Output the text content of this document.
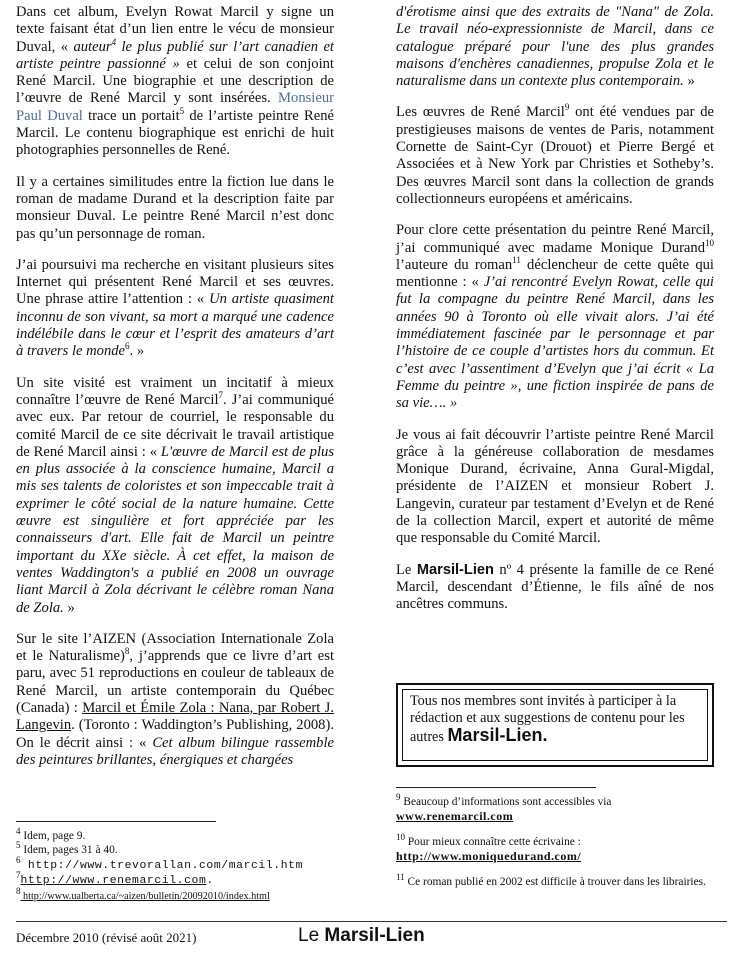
Dans cet album, Evelyn Rowat Marcil y signe un texte faisant état d’un lien entre le vécu de monsieur Duval, « auteur$^4$ le plus publié sur l’art canadien et artiste peintre passionné » et celui de son conjoint René Marcil. Une biographie et une description de l’œuvre de René Marcil y sont insérées. Monsieur Paul Duval trace un portait$^5$ de l’artiste peintre René Marcil. Le contenu biographique est enrichi de huit photographies personnelles de René.

Il y a certaines similitudes entre la fiction lue dans le roman de madame Durand et la description faite par monsieur Duval. Le peintre René Marcil n’est donc pas qu’un personnage de roman.

J’ai poursuivi ma recherche en visitant plusieurs sites Internet qui présentent René Marcil et ses œuvres. Une phrase attire l’attention : « Un artiste quasiment inconnu de son vivant, sa mort a marqué une cadence indélébile dans le cœur et l’esprit des amateurs d’art à travers le monde$^6$. »

Un site visité est vraiment un incitatif à mieux connaître l’œuvre de René Marcil$^7$. J’ai communiqué avec eux. Par retour de courriel, le responsable du comité Marcil de ce site décrivait le travail artistique de René Marcil ainsi : « L'œuvre de Marcil est de plus en plus associée à la conscience humaine, Marcil a mis ses talents de coloristes et son impeccable trait à exprimer le côté social de la nature humaine. Cette œuvre est singulière et fort appréciée par les connaisseurs d'art. Elle fait de Marcil un peintre important du XXe siècle. À cet effet, la maison de ventes Waddington's a publié en 2008 un ouvrage liant Marcil à Zola décrivant le célèbre roman Nana de Zola. »

Sur le site l’AIZEN (Association Internationale Zola et le Naturalisme)$^8$, j’apprends que ce livre d’art est paru, avec 51 reproductions en couleur de tableaux de René Marcil, un artiste contemporain du Québec (Canada) : Marcil et Émile Zola : Nana, par Robert J. Langevin. (Toronto : Waddington’s Publishing, 2008). On le décrit ainsi : « Cet album bilingue rassemble des peintures brillantes, énergiques et chargées

d'érotisme ainsi que des extraits de "Nana" de Zola. Le travail néo-expressionniste de Marcil, dans ce catalogue préparé pour l'une des plus grandes maisons d'enchères canadiennes, propulse Zola et le naturalisme dans un contexte plus contemporain. »

Les œuvres de René Marcil$^9$ ont été vendues par de prestigieuses maisons de ventes de Paris, notamment Cornette de Saint-Cyr (Drouot) et Pierre Bergé et Associées et à New York par Christies et Sotheby’s. Des œuvres Marcil sont dans la collection de grands collectionneurs européens et américains.

Pour clore cette présentation du peintre René Marcil, j’ai communiqué avec madame Monique Durand$^{10}$ l’auteure du roman$^{11}$ déclencheur de cette quête qui mentionne : « J’ai rencontré Evelyn Rowat, celle qui fut la compagne du peintre René Marcil, dans les années 90 à Toronto où elle vivait alors. J’ai été immédiatement fascinée par le personnage et par l’histoire de ce couple d’artistes hors du commun. Et c’est avec l’assentiment d’Evelyn que j’ai écrit « La Femme du peintre », une fiction inspirée de pans de sa vie…. »

Je vous ai fait découvrir l’artiste peintre René Marcil grâce à la généreuse collaboration de mesdames Monique Durand, écrivaine, Anna Gural-Migdal, présidente de l’AIZEN et monsieur Robert J. Langevin, curateur par testament d’Evelyn et de René de la collection Marcil, expert et autorité de même que responsable du Comité Marcil.

Le Marsil-Lien nº 4 présente la famille de ce René Marcil, descendant d’Étienne, le fils aîné de nos ancêtres communs.

Tous nos membres sont invités à participer à la rédaction et aux suggestions de contenu pour les autres Marsil-Lien.
$^4$ Idem, page 9.
$^5$ Idem, pages 31 à 40.
$^6$ http://www.trevorallan.com/marcil.htm
$^7$http://www.renemarcil.com.
$^8$ http://www.ualberta.ca/~aizen/bulletin/20092010/index.html

$^9$ Beaucoup d’informations sont accessibles via
www.renemarcil.com

$^{10}$ Pour mieux connaître cette écrivaine :
http://www.moniquedurand.com/

$^{11}$ Ce roman publié en 2002 est difficile à trouver dans les librairies.

Décembre 2010 (révisé août 2021)	Le Marsil-Lien
